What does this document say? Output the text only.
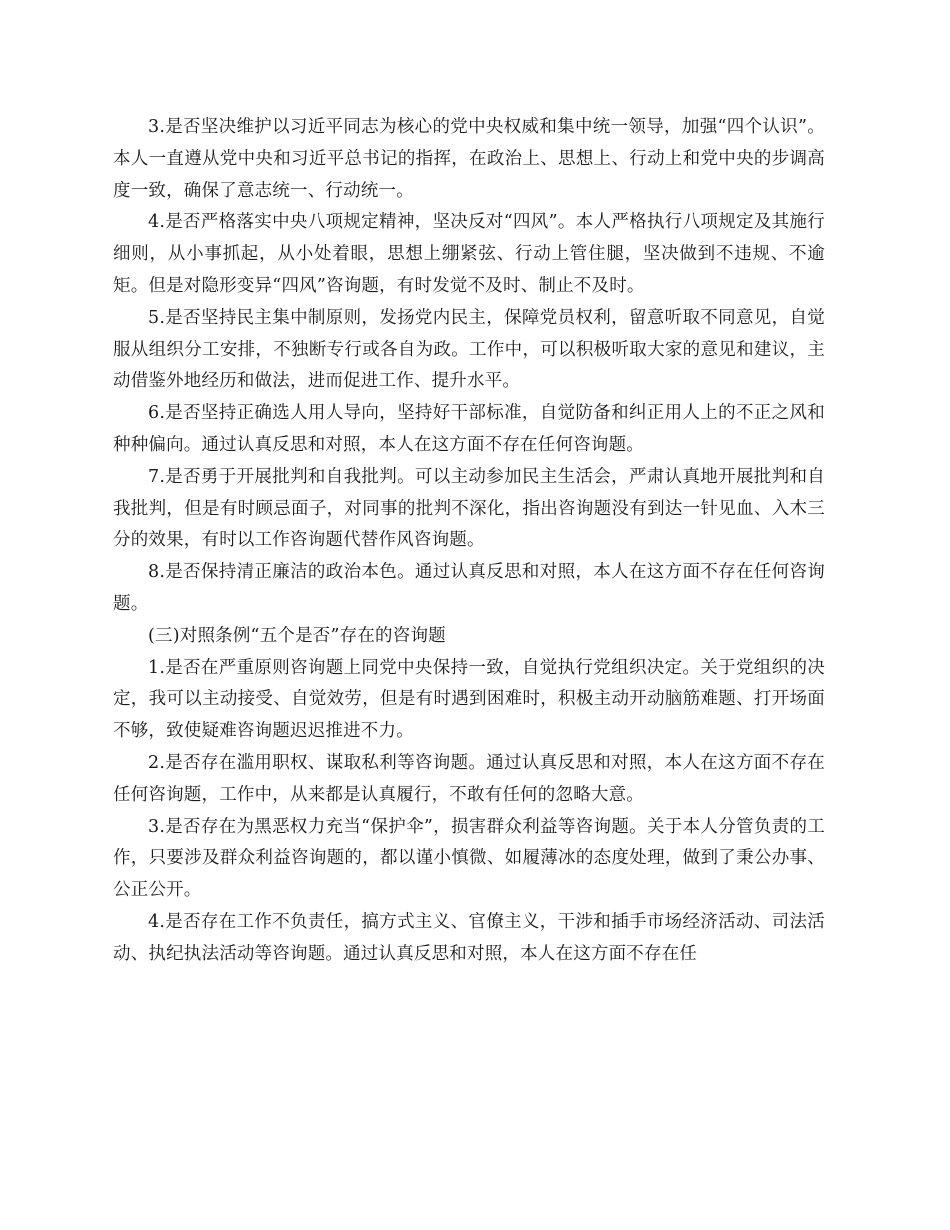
3.是否坚决维护以习近平同志为核心的党中央权威和集中统一领导，加强“四个认识”。本人一直遵从党中央和习近平总书记的指挥，在政治上、思想上、行动上和党中央的步调高度一致，确保了意志统一、行动统一。

4.是否严格落实中央八项规定精神，坚决反对“四风”。本人严格执行八项规定及其施行细则，从小事抓起，从小处着眼，思想上绷紧弦、行动上管住腿，坚决做到不违规、不逾矩。但是对隐形变异“四风”咨询题，有时发觉不及时、制止不及时。

5.是否坚持民主集中制原则，发扬党内民主，保障党员权利，留意听取不同意见，自觉服从组织分工安排，不独断专行或各自为政。工作中，可以积极听取大家的意见和建议，主动借鉴外地经历和做法，进而促进工作、提升水平。

6.是否坚持正确选人用人导向，坚持好干部标准，自觉防备和纠正用人上的不正之风和种种偏向。通过认真反思和对照，本人在这方面不存在任何咨询题。

7.是否勇于开展批判和自我批判。可以主动参加民主生活会，严肃认真地开展批判和自我批判，但是有时顾忌面子，对同事的批判不深化，指出咨询题没有到达一针见血、入木三分的效果，有时以工作咨询题代替作风咨询题。

8.是否保持清正廉洁的政治本色。通过认真反思和对照，本人在这方面不存在任何咨询题。

(三)对照条例“五个是否”存在的咨询题

1.是否在严重原则咨询题上同党中央保持一致，自觉执行党组织决定。关于党组织的决定，我可以主动接受、自觉效劳，但是有时遇到困难时，积极主动开动脑筋难题、打开场面不够，致使疑难咨询题迟迟推进不力。

2.是否存在滥用职权、谋取私利等咨询题。通过认真反思和对照，本人在这方面不存在任何咨询题，工作中，从来都是认真履行，不敢有任何的忽略大意。

3.是否存在为黑恶权力充当“保护伞”，损害群众利益等咨询题。关于本人分管负责的工作，只要涉及群众利益咨询题的，都以谨小慎微、如履薄冰的态度处理，做到了秉公办事、公正公开。

4.是否存在工作不负责任，搞方式主义、官僚主义，干涉和插手市场经济活动、司法活动、执纪执法活动等咨询题。通过认真反思和对照，本人在这方面不存在任
